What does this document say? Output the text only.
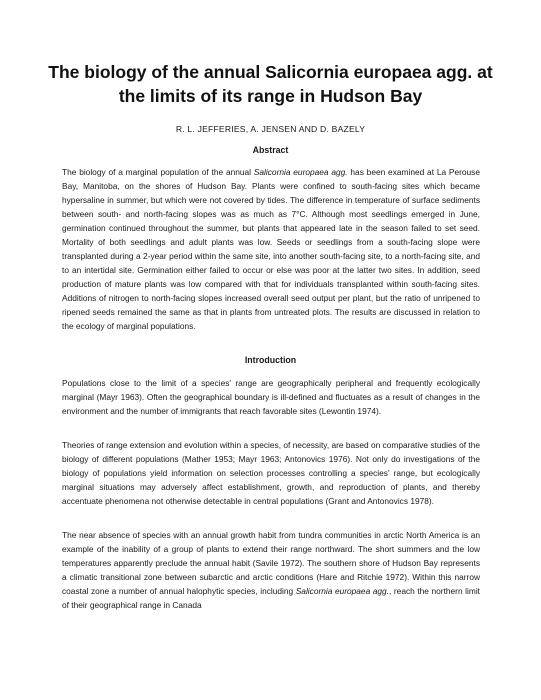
The biology of the annual Salicornia europaea agg. at
the limits of its range in Hudson Bay
R. L. JEFFERIES, A. JENSEN AND D. BAZELY
Abstract

The biology of a marginal population of the annual Salicornia europaea agg. has been examined at La Perouse Bay, Manitoba, on the shores of Hudson Bay. Plants were confined to south-facing sites which became hypersaline in summer, but which were not covered by tides. The difference in temperature of surface sediments between south- and north-facing slopes was as much as 7°C. Although most seedlings emerged in June, germination continued throughout the summer, but plants that appeared late in the season failed to set seed. Mortality of both seedlings and adult plants was low. Seeds or seedlings from a south-facing slope were transplanted during a 2-year period within the same site, into another south-facing site, to a north-facing site, and to an intertidal site. Germination either failed to occur or else was poor at the latter two sites. In addition, seed production of mature plants was low compared with that for individuals transplanted within south-facing sites. Additions of nitrogen to north-facing slopes increased overall seed output per plant, but the ratio of unripened to ripened seeds remained the same as that in plants from untreated plots. The results are discussed in relation to the ecology of marginal populations.

Introduction

Populations close to the limit of a species' range are geographically peripheral and frequently ecologically marginal (Mayr 1963). Often the geographical boundary is ill-defined and fluctuates as a result of changes in the environment and the number of immigrants that reach favorable sites (Lewontin 1974).

Theories of range extension and evolution within a species, of necessity, are based on comparative studies of the biology of different populations (Mather 1953; Mayr 1963; Antonovics 1976). Not only do investigations of the biology of populations yield information on selection processes controlling a species' range, but ecologically marginal situations may adversely affect establishment, growth, and reproduction of plants, and thereby accentuate phenomena not otherwise detectable in central populations (Grant and Antonovics 1978).

The near absence of species with an annual growth habit from tundra communities in arctic North America is an example of the inability of a group of plants to extend their range northward. The short summers and the low temperatures apparently preclude the annual habit (Savile 1972). The southern shore of Hudson Bay represents a climatic transitional zone between subarctic and arctic conditions (Hare and Ritchie 1972). Within this narrow coastal zone a number of annual halophytic species, including Salicornia europaea agg., reach the northern limit of their geographical range in Canada
